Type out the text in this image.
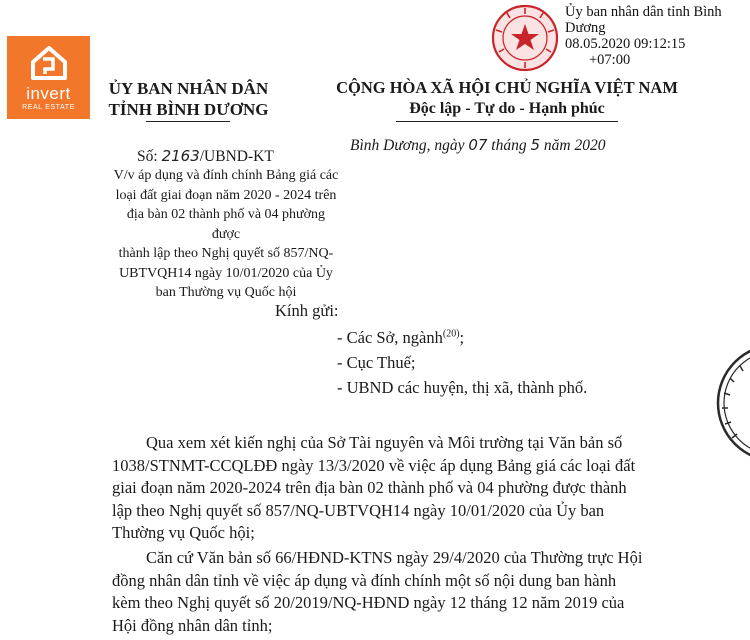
invert
REAL ESTATE
Ủy ban nhân dân tỉnh Bình
Dương
08.05.2020 09:12:15
+07:00
ỦY BAN NHÂN DÂN
TỈNH BÌNH DƯƠNG
CỘNG HÒA XÃ HỘI CHỦ NGHĨA VIỆT NAM
Độc lập - Tự do - Hạnh phúc
Bình Dương, ngày 07 tháng 5 năm 2020
Số: 2163/UBND-KT
V/v áp dụng và đính chính Bảng giá các
loại đất giai đoạn năm 2020 - 2024 trên
địa bàn 02 thành phố và 04 phường được
thành lập theo Nghị quyết số 857/NQ-
UBTVQH14 ngày 10/01/2020 của Ủy
ban Thường vụ Quốc hội
Kính gửi:
- Các Sở, ngành$^{(20)}$;
- Cục Thuế;
- UBND các huyện, thị xã, thành phố.
Qua xem xét kiến nghị của Sở Tài nguyên và Môi trường tại Văn bản số
1038/STNMT-CCQLĐĐ ngày 13/3/2020 về việc áp dụng Bảng giá các loại đất
giai đoạn năm 2020-2024 trên địa bàn 02 thành phố và 04 phường được thành
lập theo Nghị quyết số 857/NQ-UBTVQH14 ngày 10/01/2020 của Ủy ban
Thường vụ Quốc hội;
Căn cứ Văn bản số 66/HĐND-KTNS ngày 29/4/2020 của Thường trực Hội
đồng nhân dân tỉnh về việc áp dụng và đính chính một số nội dung ban hành
kèm theo Nghị quyết số 20/2019/NQ-HĐND ngày 12 tháng 12 năm 2019 của
Hội đồng nhân dân tỉnh;
